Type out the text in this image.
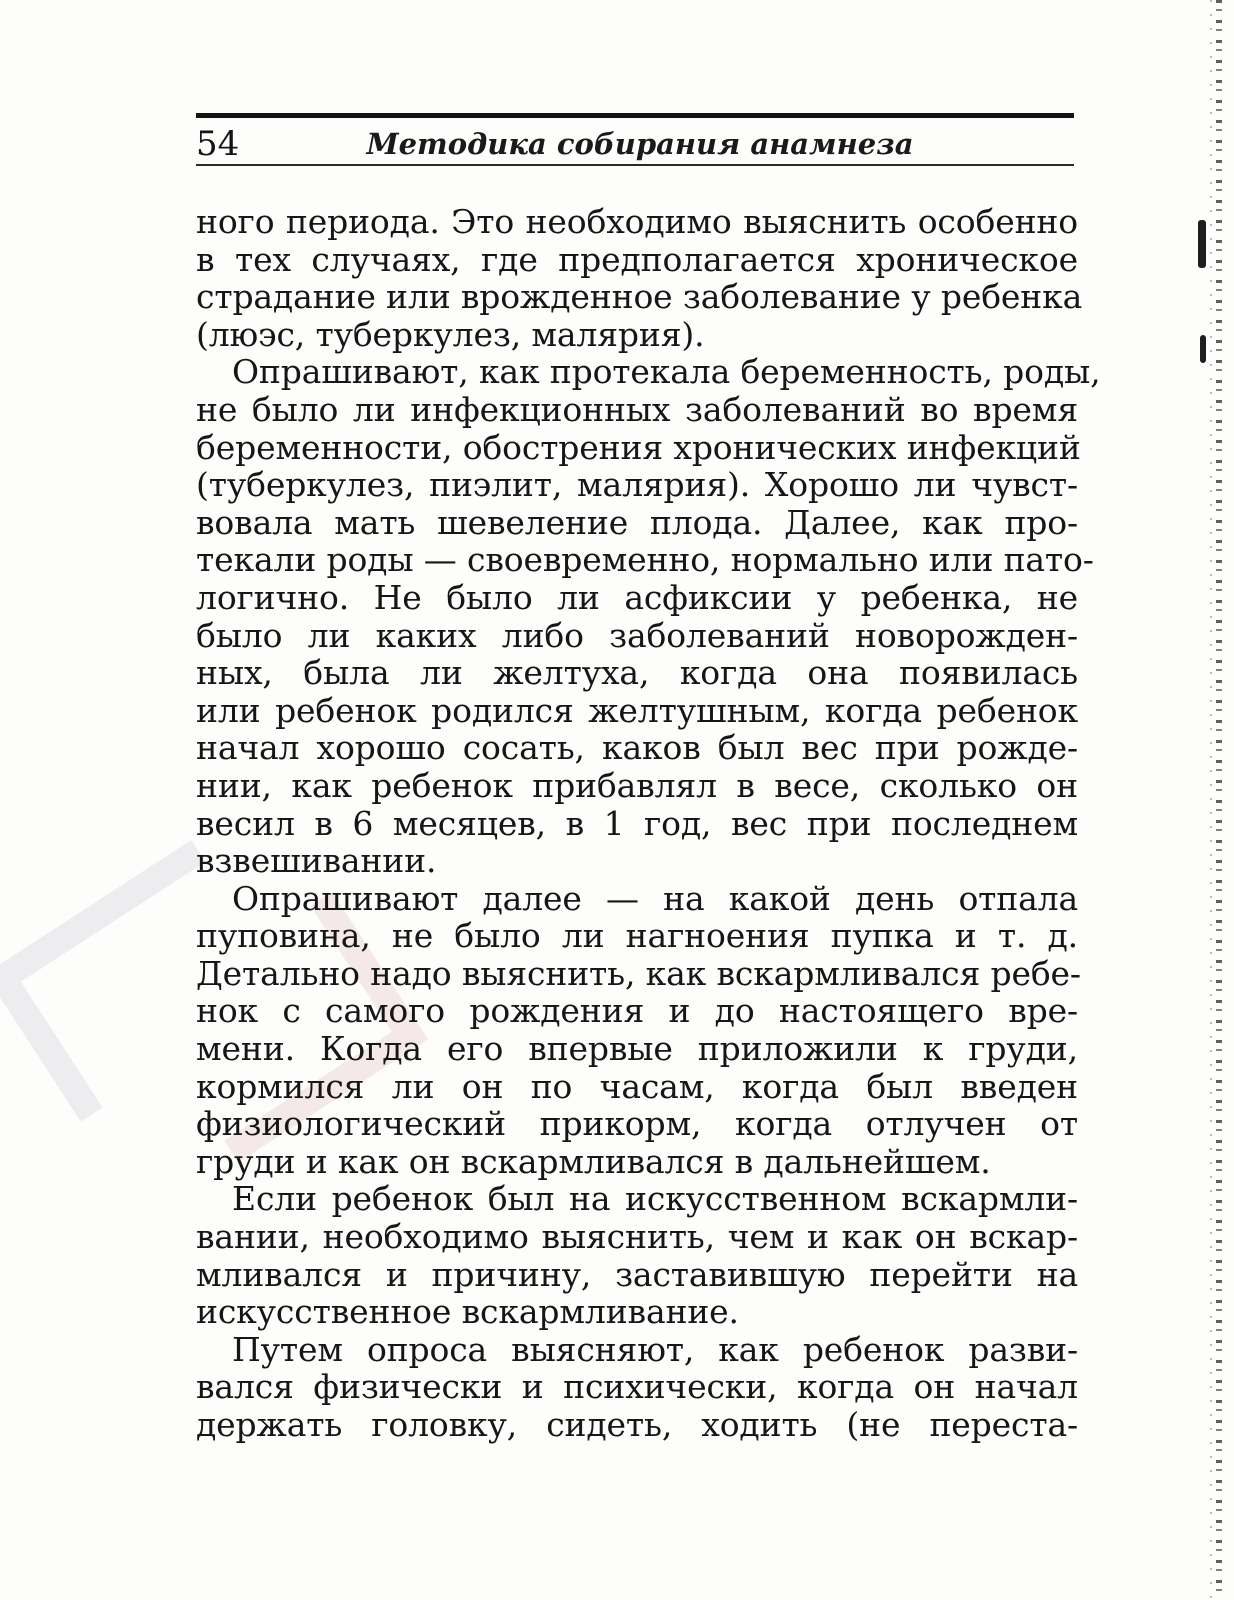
54	Методика собирания анамнеза
ного периода. Это необходимо выяснить особенно
в тех случаях, где предполагается хроническое
страдание или врожденное заболевание у ребенка
(люэс, туберкулез, малярия).
Опрашивают, как протекала беременность, роды,
не было ли инфекционных заболеваний во время
беременности, обострения хронических инфекций
(туберкулез, пиэлит, малярия). Хорошо ли чувст-
вовала мать шевеление плода. Далее, как про-
текали роды — своевременно, нормально или пато-
логично. Не было ли асфиксии у ребенка, не
было ли каких либо заболеваний новорожден-
ных, была ли желтуха, когда она появилась
или ребенок родился желтушным, когда ребенок
начал хорошо сосать, каков был вес при рожде-
нии, как ребенок прибавлял в весе, сколько он
весил в 6 месяцев, в 1 год, вес при последнем
взвешивании.
Опрашивают далее — на какой день отпала
пуповина, не было ли нагноения пупка и т. д.
Детально надо выяснить, как вскармливался ребе-
нок с самого рождения и до настоящего вре-
мени. Когда его впервые приложили к груди,
кормился ли он по часам, когда был введен
физиологический прикорм, когда отлучен от
груди и как он вскармливался в дальнейшем.
Если ребенок был на искусственном вскармли-
вании, необходимо выяснить, чем и как он вскар-
мливался и причину, заставившую перейти на
искусственное вскармливание.
Путем опроса выясняют, как ребенок разви-
вался физически и психически, когда он начал
держать головку, сидеть, ходить (не переста-
